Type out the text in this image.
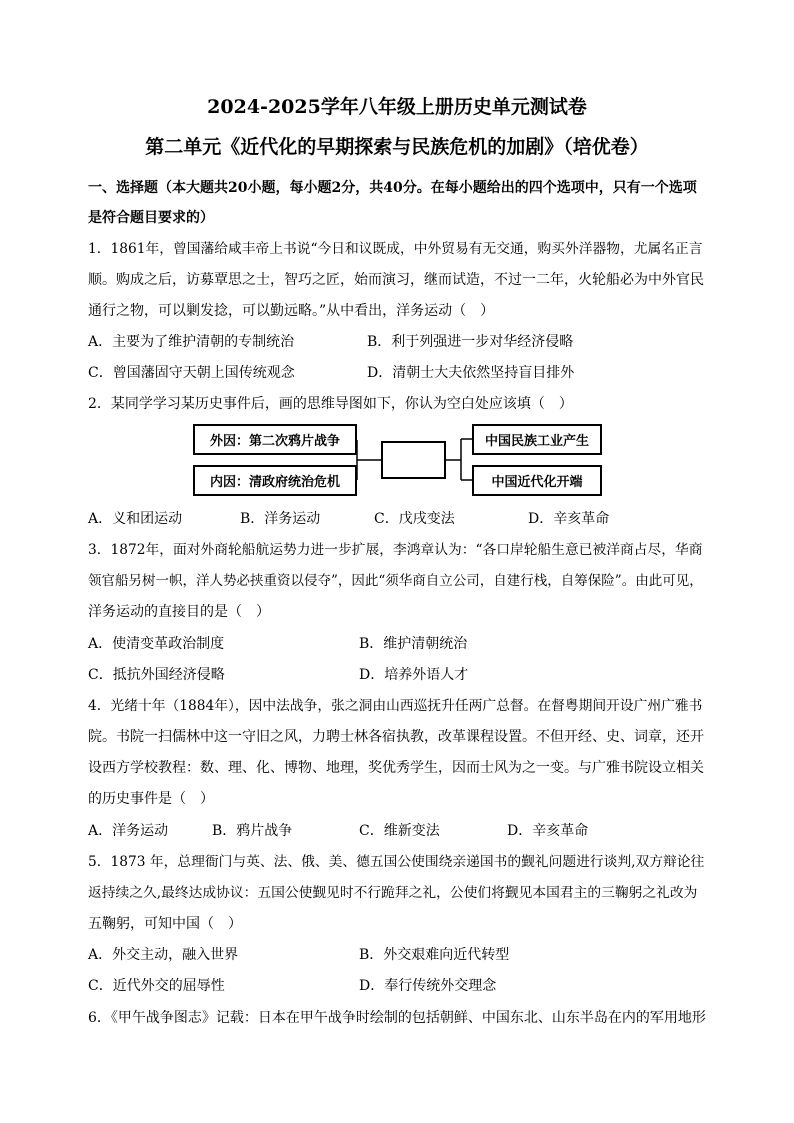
2024-2025学年八年级上册历史单元测试卷
第二单元《近代化的早期探索与民族危机的加剧》（培优卷）
一、选择题（本大题共20小题，每小题2分，共40分。在每小题给出的四个选项中，只有一个选项
是符合题目要求的）
1．1861年，曾国藩给咸丰帝上书说“今日和议既成，中外贸易有无交通，购买外洋器物，尤属名正言
顺。购成之后，访募覃思之士，智巧之匠，始而演习，继而试造，不过一二年，火轮船必为中外官民
通行之物，可以剿发捻，可以勤远略。”从中看出，洋务运动（　）
A．主要为了维护清朝的专制统治	B．利于列强进一步对华经济侵略
C．曾国藩固守天朝上国传统观念	D．清朝士大夫依然坚持盲目排外
2．某同学学习某历史事件后，画的思维导图如下，你认为空白处应该填（　）
外因：第二次鸦片战争
内因：清政府统治危机
中国民族工业产生
中国近代化开端
A．义和团运动	B．洋务运动	C．戊戌变法	D．辛亥革命
3．1872年，面对外商轮船航运势力进一步扩展，李鸿章认为：“各口岸轮船生意已被洋商占尽，华商
领官船另树一帜，洋人势必挟重资以侵夺”，因此“须华商自立公司，自建行栈，自筹保险”。由此可见，
洋务运动的直接目的是（　）
A．使清变革政治制度	B．维护清朝统治
C．抵抗外国经济侵略	D．培养外语人才
4．光绪十年（1884年），因中法战争，张之洞由山西巡抚升任两广总督。在督粤期间开设广州广雅书
院。书院一扫儒林中这一守旧之风，力聘士林各宿执教，改革课程设置。不但开经、史、词章，还开
设西方学校教程：数、理、化、博物、地理，奖优秀学生，因而士风为之一变。与广雅书院设立相关
的历史事件是（　）
A．洋务运动	B．鸦片战争	C．维新变法	D．辛亥革命
5．1873 年，总理衙门与英、法、俄、美、德五国公使围绕亲递国书的觐礼问题进行谈判,双方辩论往
返持续之久,最终达成协议：五国公使觐见时不行跪拜之礼，公使们将觐见本国君主的三鞠躬之礼改为
五鞠躬，可知中国（　）
A．外交主动，融入世界	B．外交艰难向近代转型
C．近代外交的屈辱性	D．奉行传统外交理念
6．《甲午战争图志》记载：日本在甲午战争时绘制的包括朝鲜、中国东北、山东半岛在内的军用地形
